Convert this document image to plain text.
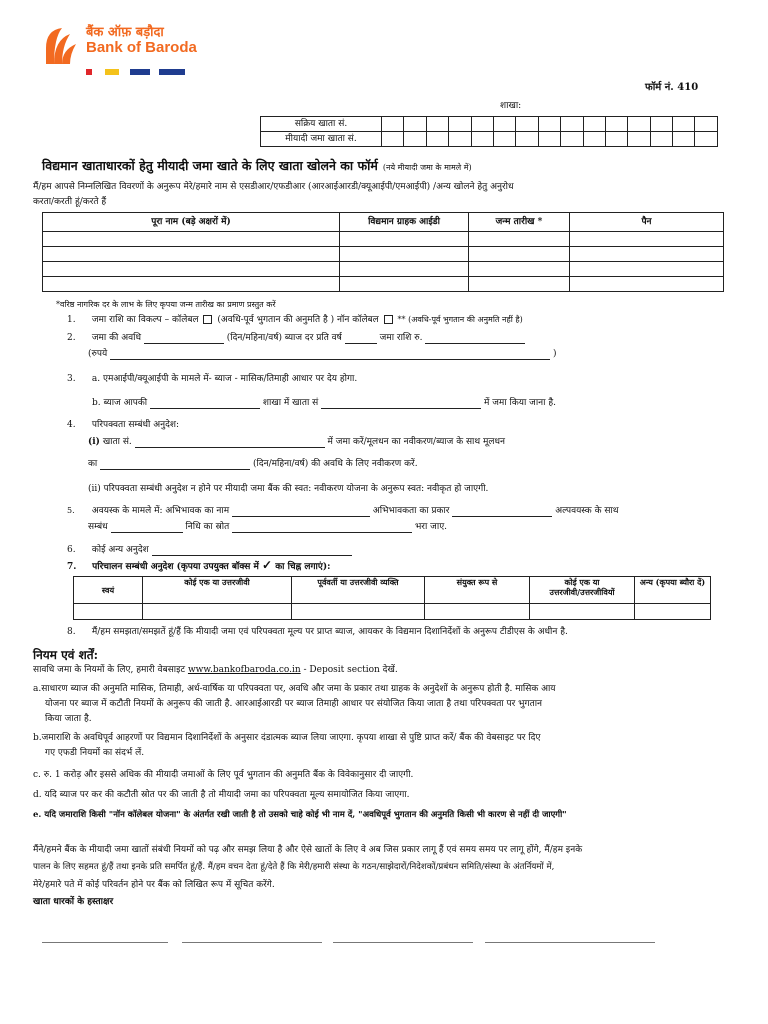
बैंक ऑफ़ बड़ौदा
Bank of Baroda

फॉर्म नं. 410
शाखा:
सक्रिय खाता सं.															
मीयादी जमा खाता सं.															
विद्यमान खाताधारकों हेतु मीयादी जमा खाते के लिए खाता खोलने का फॉर्म (नये मीयादी जमा के मामले में)
मैं/हम आपसे निम्नलिखित विवरणों के अनुरूप मेरे/हमारे नाम से एसडीआर/एफडीआर (आरआईआरडी/क्यूआईपी/एमआईपी) /अन्य खोलने हेतु अनुरोध
करता/करती हूं/करते हैं
पूरा नाम (बड़े अक्षरों में)	विद्यमान ग्राहक आईडी	जन्म तारीख *	पैन

*वरिष्ठ नागरिक दर के लाभ के लिए कृपया जन्म तारीख का प्रमाण प्रस्तुत करें
1. जमा राशि का विकल्प – कॉलेबल (अवधि-पूर्व भुगतान की अनुमति है ) नॉन कॉलेबल ** (अवधि-पूर्व भुगतान की अनुमति नहीं है)
2. जमा की अवधि	(दिन/महिना/वर्ष) ब्याज दर प्रति वर्ष	जमा राशि रु.
(रुपये	)
3. a. एमआईपी/क्यूआईपी के मामले में- ब्याज - मासिक/तिमाही आधार पर देय होगा.
b. ब्याज आपकी	शाखा में खाता सं	में जमा किया जाना है.
4. परिपक्वता सम्बंधी अनुदेश:
(i) खाता सं.	में जमा करें/मूलधन का नवीकरण/ब्याज के साथ मूलधन
का	(दिन/महिना/वर्ष) की अवधि के लिए नवीकरण करें.
(ii) परिपक्वता सम्बंधी अनुदेश न होने पर मीयादी जमा बैंक की स्वत: नवीकरण योजना के अनुरूप स्वत: नवीकृत हो जाएगी.
5. अवयस्क के मामले में: अभिभावक का नाम	अभिभावकता का प्रकार	अल्पवयस्क के साथ
सम्बंध	निधि का स्रोत	भरा जाए.
6. कोई अन्य अनुदेश
7. परिचालन सम्बंधी अनुदेश (कृपया उपयुक्त बॉक्स में ✓ का चिह्न लगाएं):
स्वयं	कोई एक या उत्तरजीवी	पूर्ववर्ती या उत्तरजीवी व्यक्ति	संयुक्त रूप से	कोई एक या
उत्तरजीवी/उत्तरजीवियों	अन्य (कृपया ब्यौरा दें)

8. मैं/हम समझता/समझतें हूं/हैं कि मीयादी जमा एवं परिपक्वता मूल्य पर प्राप्त ब्याज, आयकर के विद्यमान दिशानिर्देशों के अनुरूप टीडीएस के अधीन है.
नियम एवं शर्तें:
सावधि जमा के नियमों के लिए, हमारी वेबसाइट www.bankofbaroda.co.in - Deposit section देखें.
a.साधारण ब्याज की अनुमति मासिक, तिमाही, अर्ध-वार्षिक या परिपक्वता पर, अवधि और जमा के प्रकार तथा ग्राहक के अनुदेशों के अनुरूप होती है. मासिक आय
योजना पर ब्याज में कटौती नियमों के अनुरूप की जाती है. आरआईआरडी पर ब्याज तिमाही आधार पर संयोजित किया जाता है तथा परिपक्वता पर भुगतान
किया जाता है.
b.जमाराशि के अवधिपूर्व आहरणों पर विद्यमान दिशानिर्देशों के अनुसार दंडात्मक ब्याज लिया जाएगा. कृपया शाखा से पुष्टि प्राप्त करें/ बैंक की वेबसाइट पर दिए
गए एफडी नियमों का संदर्भ लें.
c. रु. 1 करोड़ और इससे अधिक की मीयादी जमाओं के लिए पूर्व भुगतान की अनुमति बैंक के विवेकानुसार दी जाएगी.
d. यदि ब्याज पर कर की कटौती स्रोत पर की जाती है तो मीयादी जमा का परिपक्वता मूल्य समायोजित किया जाएगा.
e. यदि जमाराशि किसी "नॉन कॉलेबल योजना" के अंतर्गत रखी जाती है तो उसको चाहे कोई भी नाम दें, "अवधिपूर्व भुगतान की अनुमति किसी भी कारण से नहीं दी जाएगी"
मैंने/हमने बैंक के मीयादी जमा खातों संबंधी नियमों को पढ़ और समझ लिया है और ऐसे खातों के लिए वे अब जिस प्रकार लागू हैं एवं समय समय पर लागू होंगे, मैं/हम इनके
पालन के लिए सहमत हूं/हैं तथा इनके प्रति समर्पित हूं/हैं. मैं/हम वचन देता हूं/देते हैं कि मेरी/हमारी संस्था के गठन/साझेदारों/निदेशकों/प्रबंधन समिति/संस्था के अंतर्नियमों में,
मेरे/हमारे पते में कोई परिवर्तन होने पर बैंक को लिखित रूप में सूचित करेंगे.
खाता धारकों के हस्ताक्षर
